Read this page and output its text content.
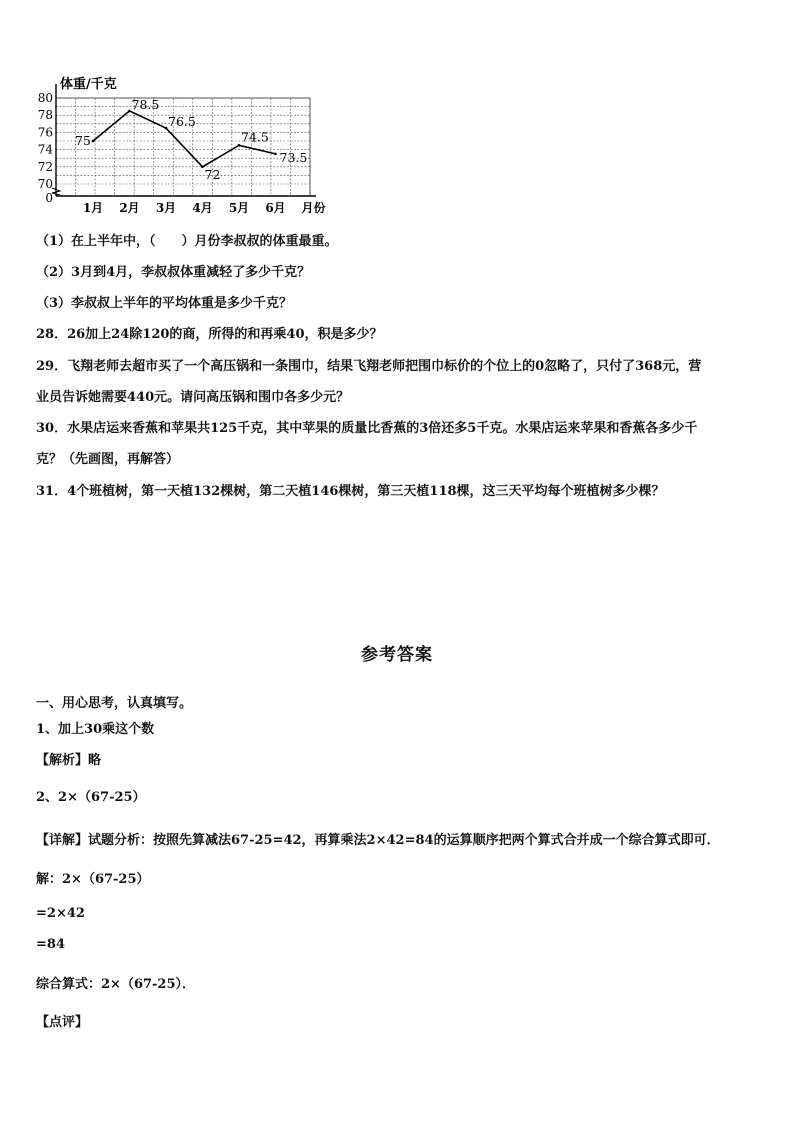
体重/千克
80
78
76
74
72
70
0
1月 2月 3月 4月 5月 6月 月份
75
78.5
76.5
72
74.5
73.5
（1）在上半年中，（　　）月份李叔叔的体重最重。
（2）3月到4月，李叔叔体重减轻了多少千克？
（3）李叔叔上半年的平均体重是多少千克？
28．26加上24除120的商，所得的和再乘40，积是多少？
29．飞翔老师去超市买了一个高压锅和一条围巾，结果飞翔老师把围巾标价的个位上的0忽略了，只付了368元，营
业员告诉她需要440元。请问高压锅和围巾各多少元？
30．水果店运来香蕉和苹果共125千克，其中苹果的质量比香蕉的3倍还多5千克。水果店运来苹果和香蕉各多少千
克？（先画图，再解答）
31．4个班植树，第一天植132棵树，第二天植146棵树，第三天植118棵，这三天平均每个班植树多少棵？
参考答案
一、用心思考，认真填写。
1、加上30乘这个数
【解析】略
2、2×（67-25）
【详解】试题分析：按照先算减法67-25=42，再算乘法2×42=84的运算顺序把两个算式合并成一个综合算式即可．
解：2×（67-25）
=2×42
=84
综合算式：2×（67-25）．
【点评】
